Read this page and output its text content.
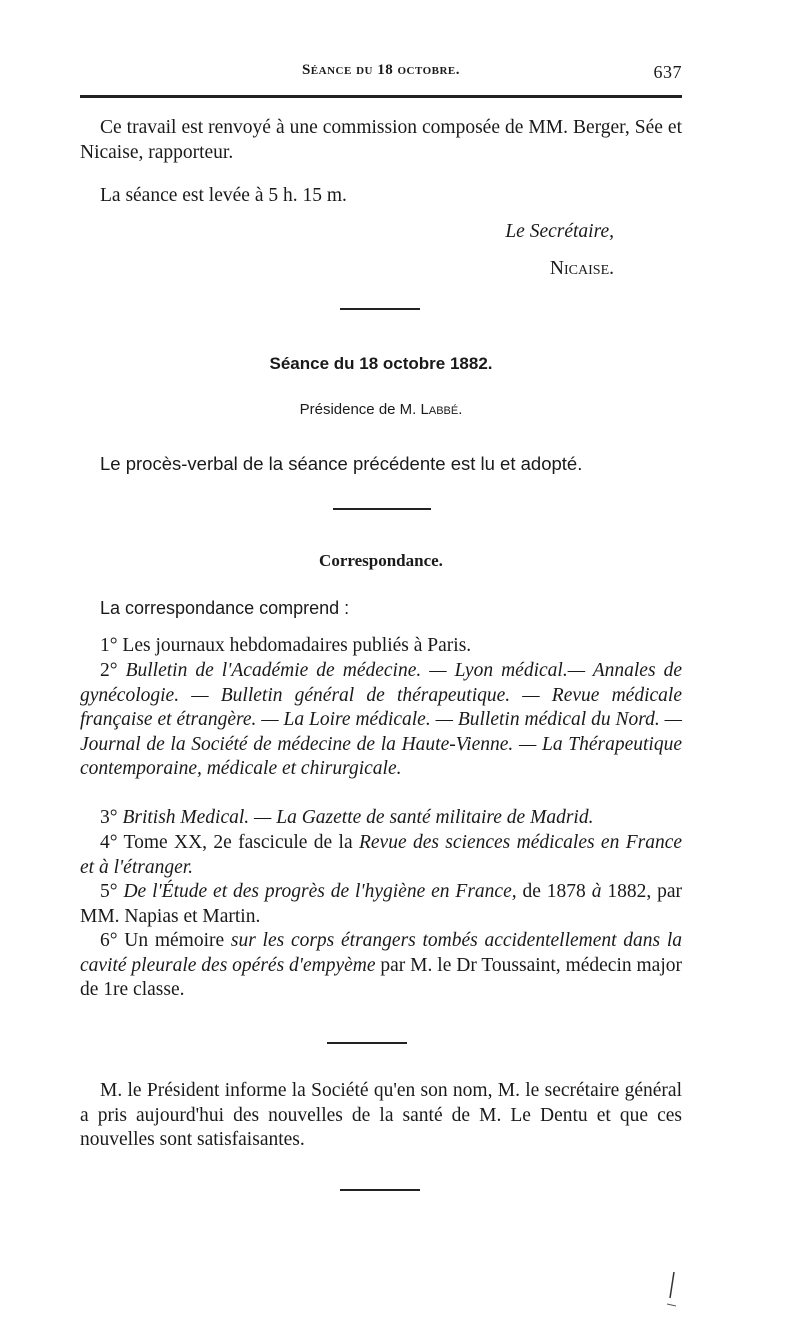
Séance du 18 octobre.	637

Ce travail est renvoyé à une commission composée de MM. Berger, Sée et Nicaise, rapporteur.

La séance est levée à 5 h. 15 m.

Le Secrétaire,

Nicaise.

Séance du 18 octobre 1882.

Présidence de M. Labbé.

Le procès-verbal de la séance précédente est lu et adopté.

Correspondance.

La correspondance comprend :

1° Les journaux hebdomadaires publiés à Paris.

2° Bulletin de l'Académie de médecine. — Lyon médical.— Annales de gynécologie. — Bulletin général de thérapeutique. — Revue médicale française et étrangère. — La Loire médicale. — Bulletin médical du Nord. — Journal de la Société de médecine de la Haute-Vienne. — La Thérapeutique contemporaine, médicale et chirurgicale.

3° British Medical. — La Gazette de santé militaire de Madrid.

4° Tome XX, 2e fascicule de la Revue des sciences médicales en France et à l'étranger.

5° De l'Étude et des progrès de l'hygiène en France, de 1878 à 1882, par MM. Napias et Martin.

6° Un mémoire sur les corps étrangers tombés accidentellement dans la cavité pleurale des opérés d'empyème par M. le Dr Toussaint, médecin major de 1re classe.

M. le Président informe la Société qu'en son nom, M. le secrétaire général a pris aujourd'hui des nouvelles de la santé de M. Le Dentu et que ces nouvelles sont satisfaisantes.
